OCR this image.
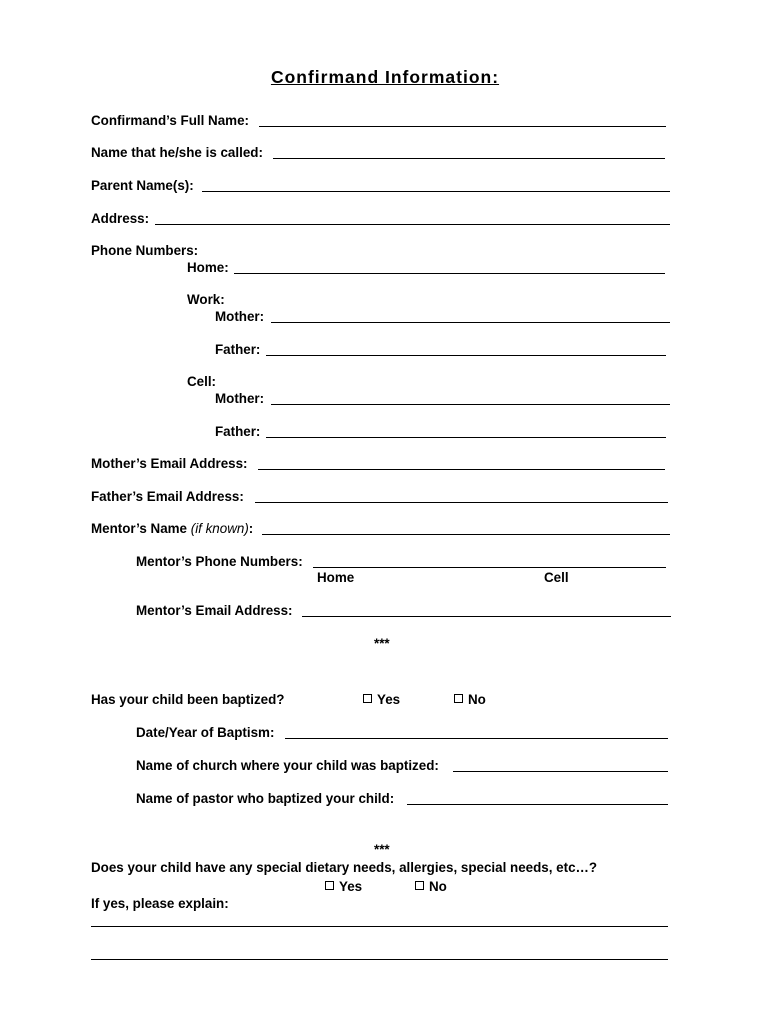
Confirmand Information:
Confirmand’s Full Name:
Name that he/she is called:
Parent Name(s):
Address:
Phone Numbers:
Home:
Work:
Mother:
Father:
Cell:
Mother:
Father:
Mother’s Email Address:
Father’s Email Address:
Mentor’s Name (if known):
Mentor’s Phone Numbers:
Home	Cell
Mentor’s Email Address:
***
Has your child been baptized?	Yes	No
Date/Year of Baptism:
Name of church where your child was baptized:
Name of pastor who baptized your child:
***
Does your child have any special dietary needs, allergies, special needs, etc…?
Yes	No
If yes, please explain:
